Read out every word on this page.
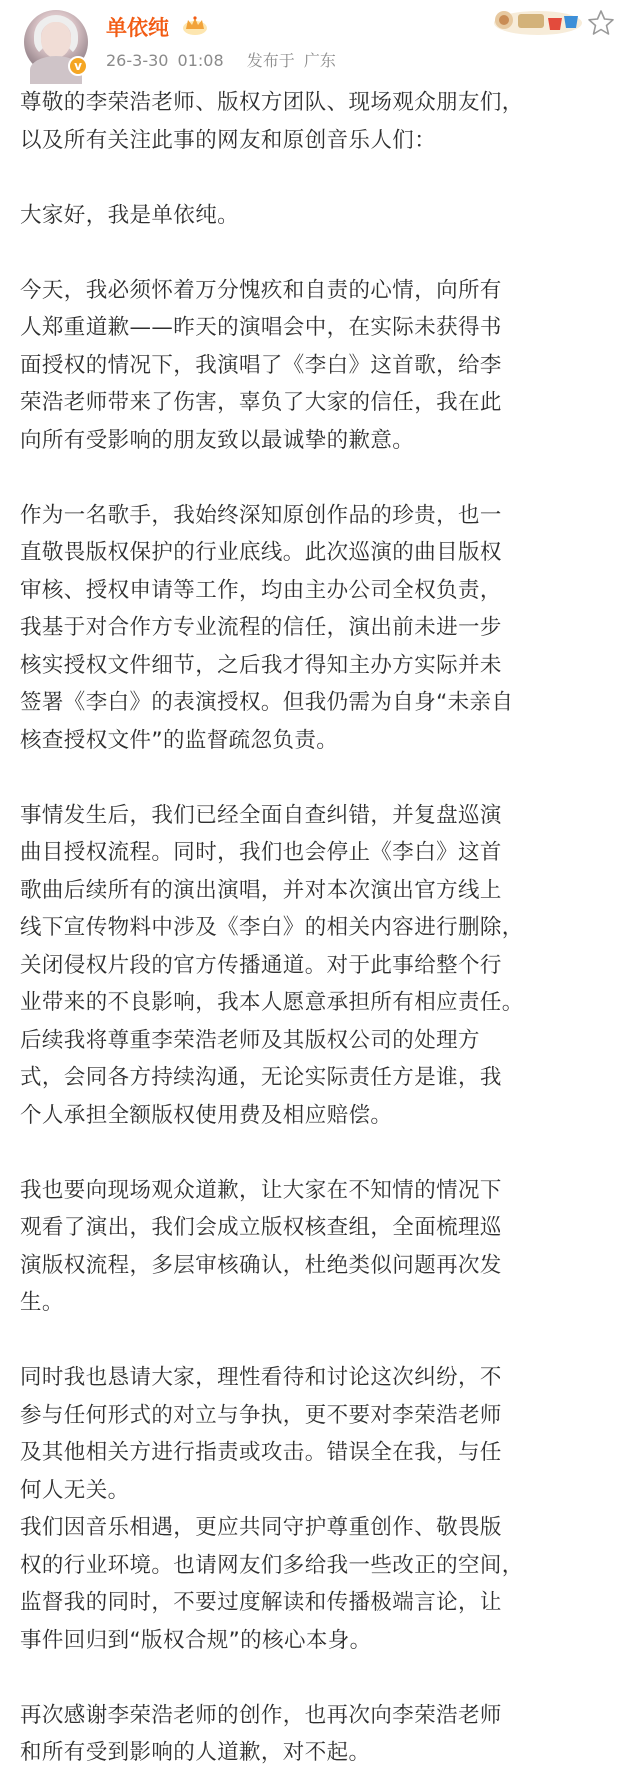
v
单依纯
26-3-30 01:08 发布于 广东
尊敬的李荣浩老师、版权方团队、现场观众朋友们，
以及所有关注此事的网友和原创音乐人们：
大家好，我是单依纯。
今天，我必须怀着万分愧疚和自责的心情，向所有
人郑重道歉——昨天的演唱会中，在实际未获得书
面授权的情况下，我演唱了《李白》这首歌，给李
荣浩老师带来了伤害，辜负了大家的信任，我在此
向所有受影响的朋友致以最诚挚的歉意。
作为一名歌手，我始终深知原创作品的珍贵，也一
直敬畏版权保护的行业底线。此次巡演的曲目版权
审核、授权申请等工作，均由主办公司全权负责，
我基于对合作方专业流程的信任，演出前未进一步
核实授权文件细节，之后我才得知主办方实际并未
签署《李白》的表演授权。但我仍需为自身“未亲自
核查授权文件”的监督疏忽负责。
事情发生后，我们已经全面自查纠错，并复盘巡演
曲目授权流程。同时，我们也会停止《李白》这首
歌曲后续所有的演出演唱，并对本次演出官方线上
线下宣传物料中涉及《李白》的相关内容进行删除，
关闭侵权片段的官方传播通道。对于此事给整个行
业带来的不良影响，我本人愿意承担所有相应责任。
后续我将尊重李荣浩老师及其版权公司的处理方
式，会同各方持续沟通，无论实际责任方是谁，我
个人承担全额版权使用费及相应赔偿。
我也要向现场观众道歉，让大家在不知情的情况下
观看了演出，我们会成立版权核查组，全面梳理巡
演版权流程，多层审核确认，杜绝类似问题再次发
生。
同时我也恳请大家，理性看待和讨论这次纠纷，不
参与任何形式的对立与争执，更不要对李荣浩老师
及其他相关方进行指责或攻击。错误全在我，与任
何人无关。
我们因音乐相遇，更应共同守护尊重创作、敬畏版
权的行业环境。也请网友们多给我一些改正的空间，
监督我的同时，不要过度解读和传播极端言论，让
事件回归到“版权合规”的核心本身。
再次感谢李荣浩老师的创作，也再次向李荣浩老师
和所有受到影响的人道歉，对不起。
